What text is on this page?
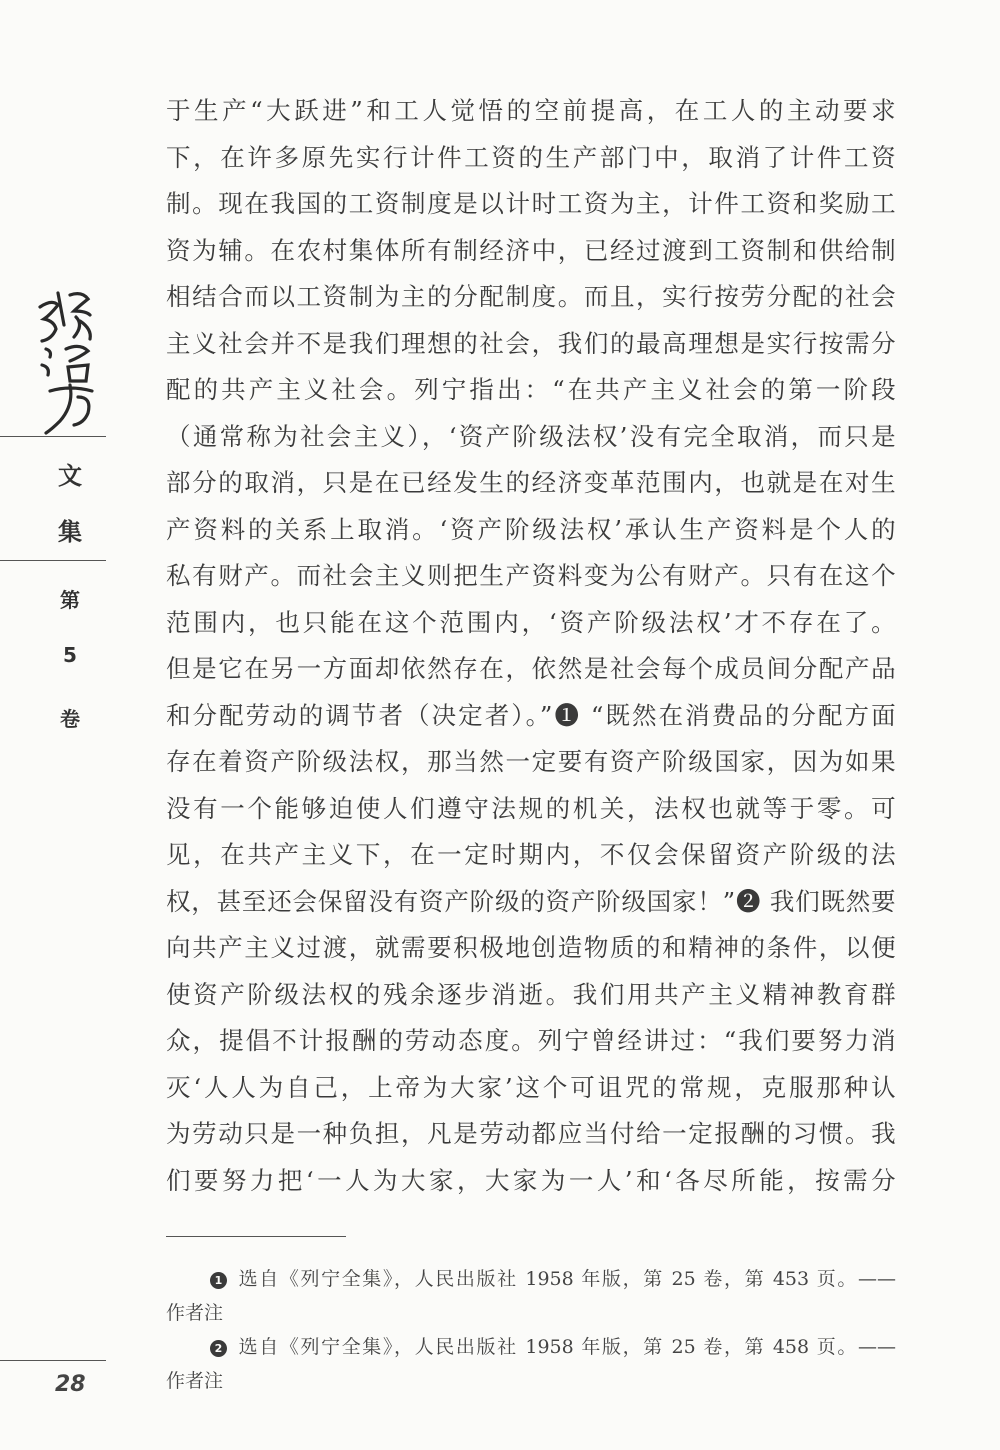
文
集
第
5
卷
28
于生产“大跃进”和工人觉悟的空前提高，在工人的主动要求
下，在许多原先实行计件工资的生产部门中，取消了计件工资
制。现在我国的工资制度是以计时工资为主，计件工资和奖励工
资为辅。在农村集体所有制经济中，已经过渡到工资制和供给制
相结合而以工资制为主的分配制度。而且，实行按劳分配的社会
主义社会并不是我们理想的社会，我们的最高理想是实行按需分
配的共产主义社会。列宁指出：“在共产主义社会的第一阶段
（通常称为社会主义），‘资产阶级法权’没有完全取消，而只是
部分的取消，只是在已经发生的经济变革范围内，也就是在对生
产资料的关系上取消。‘资产阶级法权’承认生产资料是个人的
私有财产。而社会主义则把生产资料变为公有财产。只有在这个
范围内，也只能在这个范围内，‘资产阶级法权’才不存在了。
但是它在另一方面却依然存在，依然是社会每个成员间分配产品
和分配劳动的调节者（决定者）。”❶ “既然在消费品的分配方面
存在着资产阶级法权，那当然一定要有资产阶级国家，因为如果
没有一个能够迫使人们遵守法规的机关，法权也就等于零。可
见，在共产主义下，在一定时期内，不仅会保留资产阶级的法
权，甚至还会保留没有资产阶级的资产阶级国家！”❷ 我们既然要
向共产主义过渡，就需要积极地创造物质的和精神的条件，以便
使资产阶级法权的残余逐步消逝。我们用共产主义精神教育群
众，提倡不计报酬的劳动态度。列宁曾经讲过：“我们要努力消
灭‘人人为自己，上帝为大家’这个可诅咒的常规，克服那种认
为劳动只是一种负担，凡是劳动都应当付给一定报酬的习惯。我
们要努力把‘一人为大家，大家为一人’和‘各尽所能，按需分
1 选自《列宁全集》，人民出版社 1958 年版，第 25 卷，第 453 页。——
作者注
2 选自《列宁全集》，人民出版社 1958 年版，第 25 卷，第 458 页。——
作者注
